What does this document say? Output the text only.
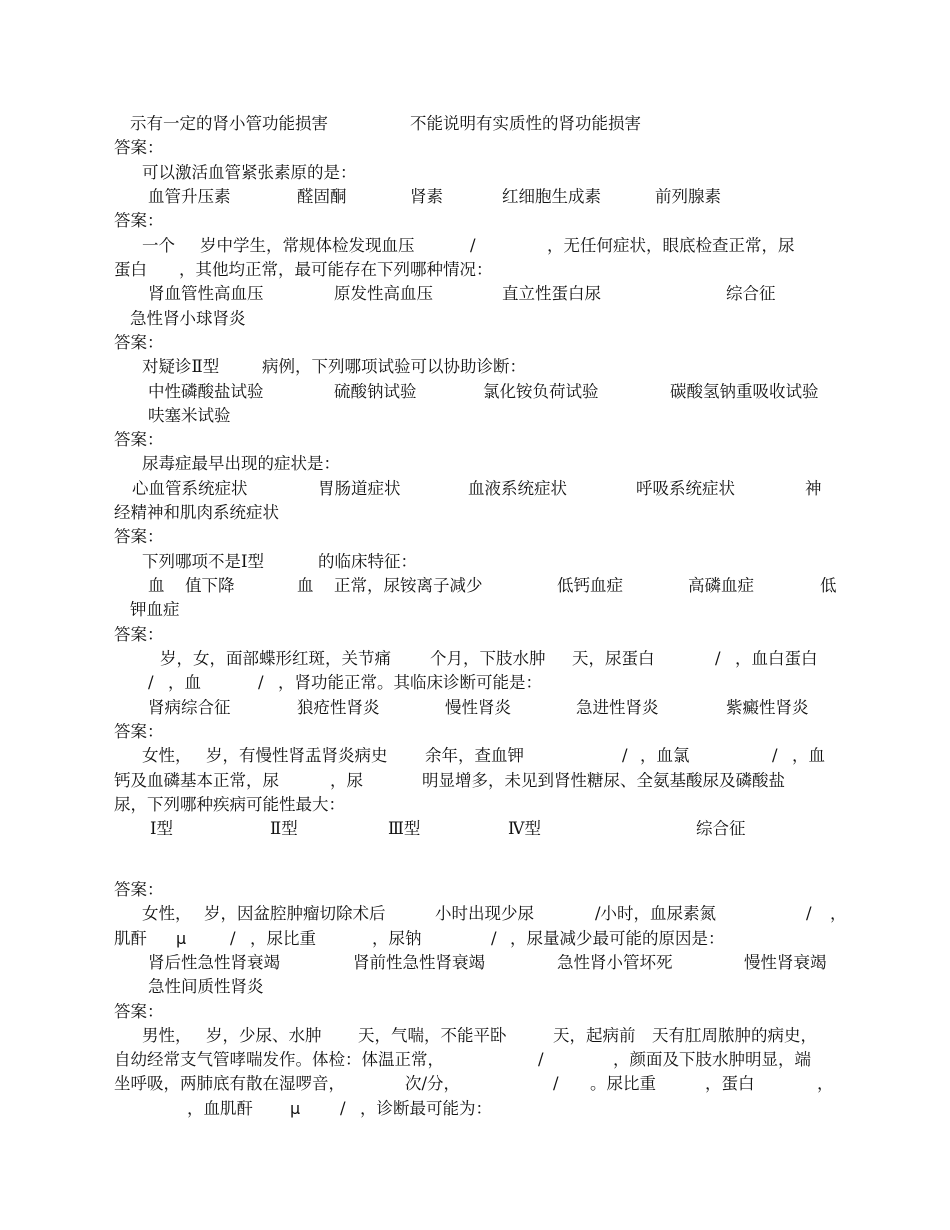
示有一定的肾小管功能损害	不能说明有实质性的肾功能损害
答案：
可以激活血管紧张素原的是：
血管升压素	醛固酮	肾素	红细胞生成素	前列腺素
答案：
一个 岁中学生，常规体检发现血压	/	，无任何症状，眼底检查正常，尿
蛋白 ，其他均正常，最可能存在下列哪种情况：
肾血管性高血压	原发性高血压	直立性蛋白尿	综合征
急性肾小球肾炎
答案：
对疑诊Ⅱ型	病例，下列哪项试验可以协助诊断：
中性磷酸盐试验	硫酸钠试验	氯化铵负荷试验	碳酸氢钠重吸收试验
呋塞米试验
答案：
尿毒症最早出现的症状是：
心血管系统症状	胃肠道症状	血液系统症状	呼吸系统症状	神
经精神和肌肉系统症状
答案：
下列哪项不是Ⅰ型	的临床特征：
血 值下降	血 正常，尿铵离子减少	低钙血症	高磷血症	低
钾血症
答案：
岁，女，面部蝶形红斑，关节痛 个月，下肢水肿 天，尿蛋白	/ ，血白蛋白
/ ，血	/ ，肾功能正常。其临床诊断可能是：
肾病综合征	狼疮性肾炎	慢性肾炎	急进性肾炎	紫癜性肾炎
答案：
女性， 岁，有慢性肾盂肾炎病史 余年，查血钾	/ ，血氯	/ ，血
钙及血磷基本正常，尿	，尿	明显增多，未见到肾性糖尿、全氨基酸尿及磷酸盐
尿，下列哪种疾病可能性最大：
Ⅰ型	Ⅱ型	Ⅲ型	Ⅳ型	综合征
答案：
女性， 岁，因盆腔肿瘤切除术后	小时出现少尿	/小时，血尿素氮	/ ，
肌酐 μ	/ ，尿比重	，尿钠	/ ，尿量减少最可能的原因是：
肾后性急性肾衰竭	肾前性急性肾衰竭	急性肾小管坏死	慢性肾衰竭
急性间质性肾炎
答案：
男性， 岁，少尿、水肿 天，气喘，不能平卧	天，起病前 天有肛周脓肿的病史，
自幼经常支气管哮喘发作。体检：体温正常，	/	，颜面及下肢水肿明显，端
坐呼吸，两肺底有散在湿啰音，	次/分，	/ 。尿比重	，蛋白	，
，血肌酐 μ / ，诊断最可能为：
